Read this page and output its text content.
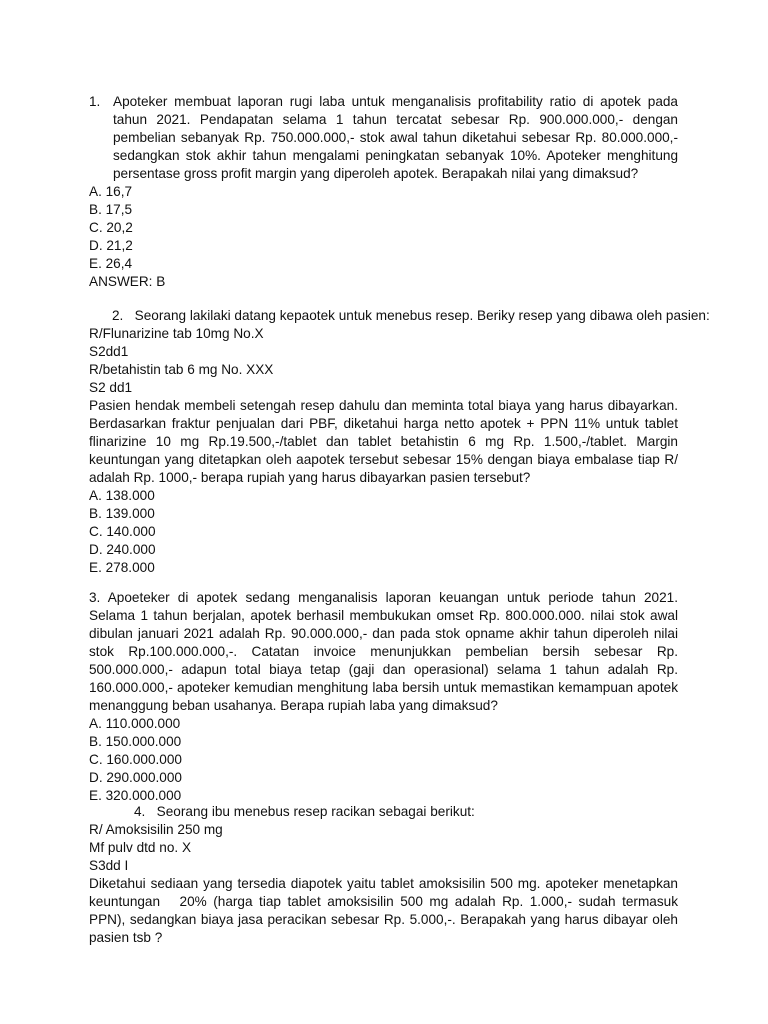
1. Apoteker membuat laporan rugi laba untuk menganalisis profitability ratio di apotek pada tahun 2021. Pendapatan selama 1 tahun tercatat sebesar Rp. 900.000.000,- dengan pembelian sebanyak Rp. 750.000.000,- stok awal tahun diketahui sebesar Rp. 80.000.000,- sedangkan stok akhir tahun mengalami peningkatan sebanyak 10%. Apoteker menghitung persentase gross profit margin yang diperoleh apotek. Berapakah nilai yang dimaksud?

A. 16,7

B. 17,5

C. 20,2

D. 21,2

E. 26,4

ANSWER: B

2.   Seorang lakilaki datang kepaotek untuk menebus resep. Beriky resep yang dibawa oleh pasien:

R/Flunarizine tab 10mg No.X

S2dd1

R/betahistin tab 6 mg No. XXX

S2 dd1

Pasien hendak membeli setengah resep dahulu dan meminta total biaya yang harus dibayarkan. Berdasarkan fraktur penjualan dari PBF, diketahui harga netto apotek + PPN 11% untuk tablet flinarizine 10 mg Rp.19.500,-/tablet dan tablet betahistin 6 mg Rp. 1.500,-/tablet. Margin keuntungan yang ditetapkan oleh aapotek tersebut sebesar 15% dengan biaya embalase tiap R/ adalah Rp. 1000,- berapa rupiah yang harus dibayarkan pasien tersebut?

A. 138.000

B. 139.000

C. 140.000

D. 240.000

E. 278.000

3. Apoeteker di apotek sedang menganalisis laporan keuangan untuk periode tahun 2021. Selama 1 tahun berjalan, apotek berhasil membukukan omset Rp. 800.000.000. nilai stok awal dibulan januari 2021 adalah Rp. 90.000.000,- dan pada stok opname akhir tahun diperoleh nilai stok Rp.100.000.000,-. Catatan invoice menunjukkan pembelian bersih sebesar Rp. 500.000.000,- adapun total biaya tetap (gaji dan operasional) selama 1 tahun adalah Rp. 160.000.000,- apoteker kemudian menghitung laba bersih untuk memastikan kemampuan apotek menanggung beban usahanya. Berapa rupiah laba yang dimaksud?

A. 110.000.000

B. 150.000.000

C. 160.000.000

D. 290.000.000

E. 320.000.000

4.   Seorang ibu menebus resep racikan sebagai berikut:

R/ Amoksisilin 250 mg

Mf pulv dtd no. X

S3dd I

Diketahui sediaan yang tersedia diapotek yaitu tablet amoksisilin 500 mg. apoteker menetapkan keuntungan   20% (harga tiap tablet amoksisilin 500 mg adalah Rp. 1.000,- sudah termasuk PPN), sedangkan biaya jasa peracikan sebesar Rp. 5.000,-. Berapakah yang harus dibayar oleh pasien tsb ?
